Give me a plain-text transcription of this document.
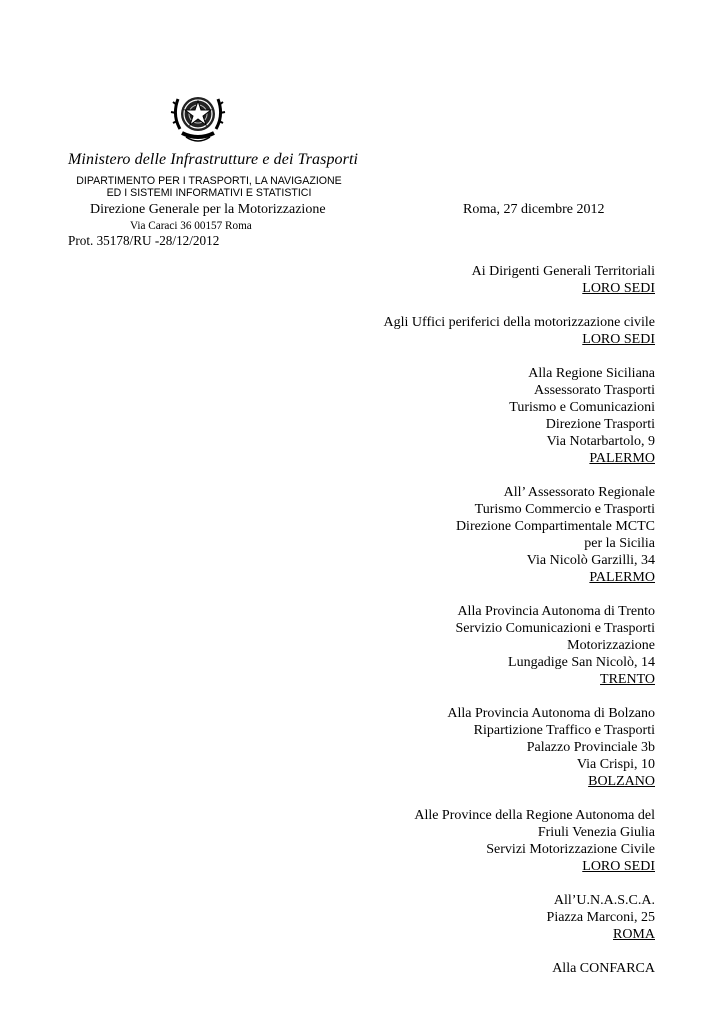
Ministero delle Infrastrutture e dei Trasporti
DIPARTIMENTO PER I TRASPORTI, LA NAVIGAZIONE
ED I SISTEMI INFORMATIVI E STATISTICI
Direzione Generale per la Motorizzazione
Via Caraci 36 00157 Roma
Prot. 35178/RU -28/12/2012
Roma, 27 dicembre 2012
Ai Dirigenti Generali Territoriali
LORO SEDI
Agli Uffici periferici della motorizzazione civile
LORO SEDI
Alla Regione Siciliana
Assessorato Trasporti
Turismo e Comunicazioni
Direzione Trasporti
Via Notarbartolo, 9
PALERMO
All’ Assessorato Regionale
Turismo Commercio e Trasporti
Direzione Compartimentale MCTC
per la Sicilia
Via Nicolò Garzilli, 34
PALERMO
Alla Provincia Autonoma di Trento
Servizio Comunicazioni e Trasporti
Motorizzazione
Lungadige San Nicolò, 14
TRENTO
Alla Provincia Autonoma di Bolzano
Ripartizione Traffico e Trasporti
Palazzo Provinciale 3b
Via Crispi, 10
BOLZANO
Alle Province della Regione Autonoma del
Friuli Venezia Giulia
Servizi Motorizzazione Civile
LORO SEDI
All’U.N.A.S.C.A.
Piazza Marconi, 25
ROMA
Alla CONFARCA
